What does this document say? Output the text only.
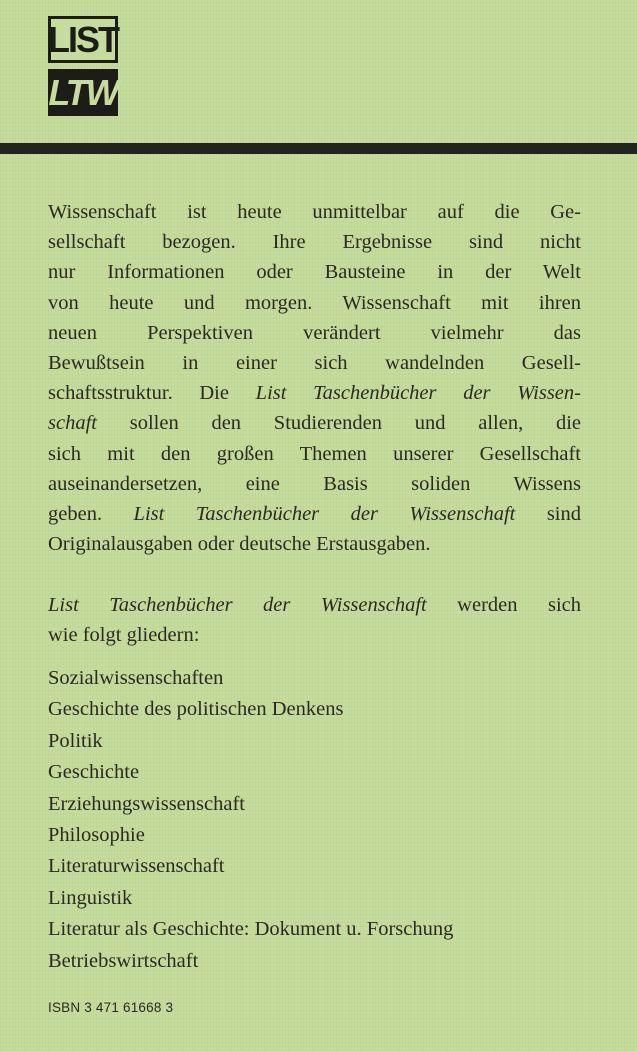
LIST
LTW

Wissenschaft ist heute unmittelbar auf die Ge-
sellschaft bezogen. Ihre Ergebnisse sind nicht
nur Informationen oder Bausteine in der Welt
von heute und morgen. Wissenschaft mit ihren
neuen Perspektiven verändert vielmehr das
Bewußtsein in einer sich wandelnden Gesell-
schaftsstruktur. Die List Taschenbücher der Wissen-
schaft sollen den Studierenden und allen, die
sich mit den großen Themen unserer Gesellschaft
auseinandersetzen, eine Basis soliden Wissens
geben. List Taschenbücher der Wissenschaft sind
Originalausgaben oder deutsche Erstausgaben.

List Taschenbücher der Wissenschaft werden sich
wie folgt gliedern:

Sozialwissenschaften
Geschichte des politischen Denkens
Politik
Geschichte
Erziehungswissenschaft
Philosophie
Literaturwissenschaft
Linguistik
Literatur als Geschichte: Dokument u. Forschung
Betriebswirtschaft
ISBN 3 471 61668 3
